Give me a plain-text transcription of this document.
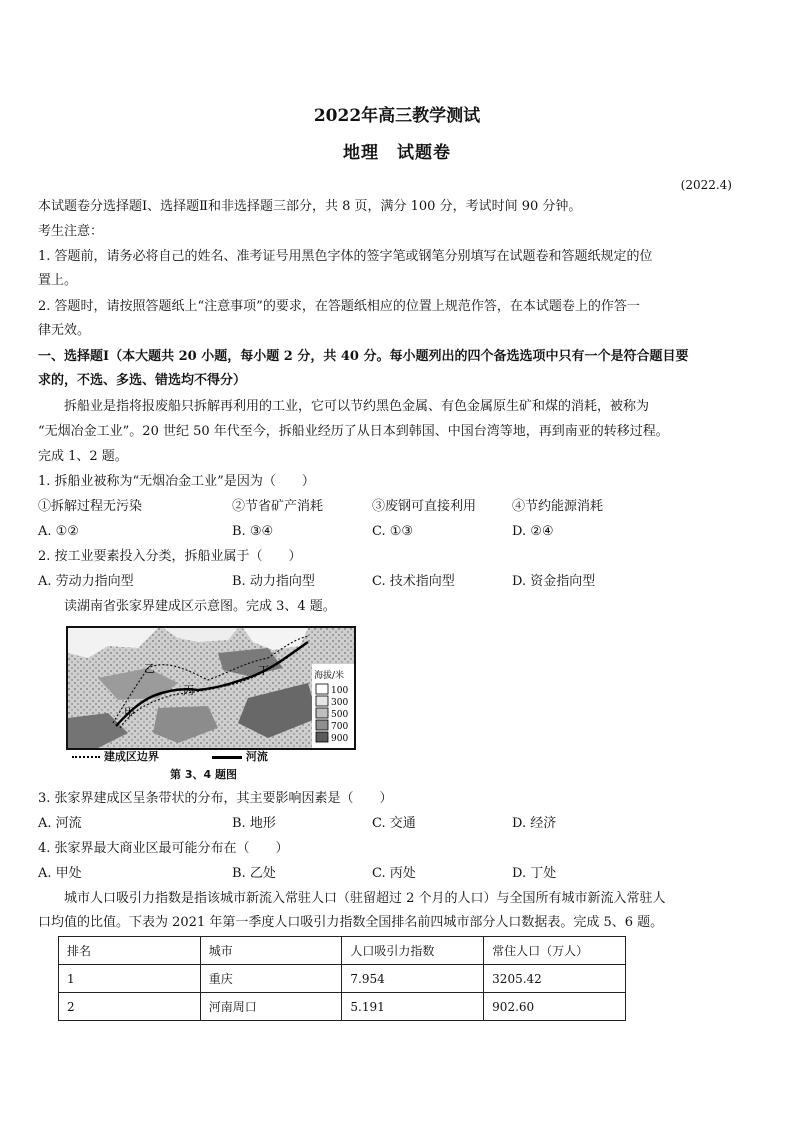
2022年高三教学测试
地理　试题卷
(2022.4)
本试题卷分选择题Ⅰ、选择题Ⅱ和非选择题三部分，共 8 页，满分 100 分，考试时间 90 分钟。
考生注意：
1. 答题前，请务必将自己的姓名、准考证号用黑色字体的签字笔或钢笔分别填写在试题卷和答题纸规定的位
置上。
2. 答题时，请按照答题纸上“注意事项”的要求，在答题纸相应的位置上规范作答，在本试题卷上的作答一
律无效。
一、选择题Ⅰ（本大题共 20 小题，每小题 2 分，共 40 分。每小题列出的四个备选选项中只有一个是符合题目要
求的，不选、多选、错选均不得分）
拆船业是指将报废船只拆解再利用的工业，它可以节约黑色金属、有色金属原生矿和煤的消耗，被称为
“无烟冶金工业”。20 世纪 50 年代至今，拆船业经历了从日本到韩国、中国台湾等地，再到南亚的转移过程。
完成 1、2 题。
1. 拆船业被称为“无烟冶金工业”是因为（　　）
①拆解过程无污染	②节省矿产消耗	③废钢可直接利用	④节约能源消耗
A. ①②	B. ③④	C. ①③	D. ②④
2. 按工业要素投入分类，拆船业属于（　　）
A. 劳动力指向型	B. 动力指向型	C. 技术指向型	D. 资金指向型
读湖南省张家界建成区示意图。完成 3、4 题。
乙
丙
丁
甲
海拔/米
100
300
500
700
900
建成区边界	河流
第 3、4 题图
3. 张家界建成区呈条带状的分布，其主要影响因素是（　　）
A. 河流	B. 地形	C. 交通	D. 经济
4. 张家界最大商业区最可能分布在（　　）
A. 甲处	B. 乙处	C. 丙处	D. 丁处
城市人口吸引力指数是指该城市新流入常驻人口（驻留超过 2 个月的人口）与全国所有城市新流入常驻人
口均值的比值。下表为 2021 年第一季度人口吸引力指数全国排名前四城市部分人口数据表。完成 5、6 题。
排名	城市	人口吸引力指数	常住人口（万人）
1	重庆	7.954	3205.42
2	河南周口	5.191	902.60
